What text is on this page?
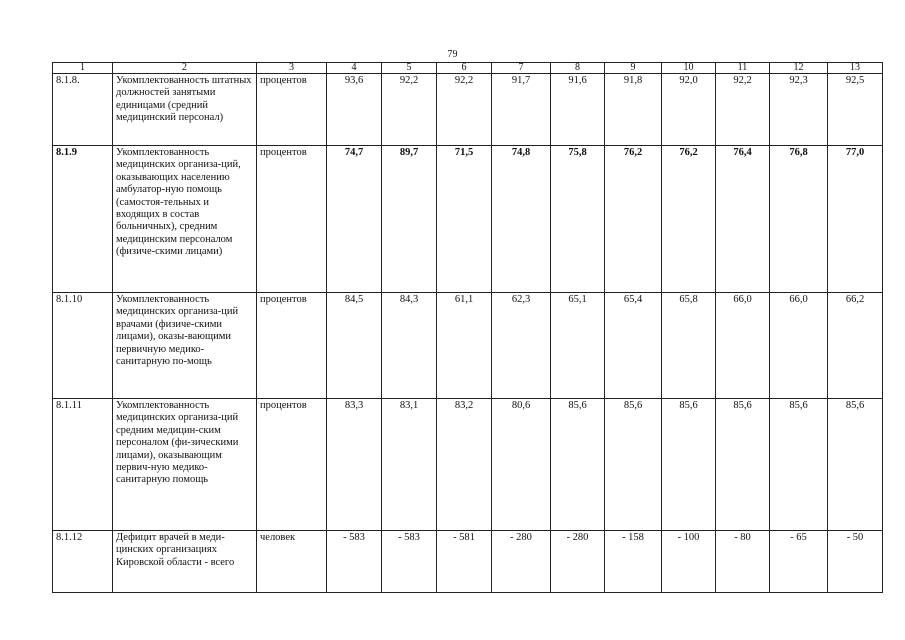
79
1	2	3	4	5	6	7	8	9	10	11	12	13
8.1.8.	Укомплектованность штатных должностей занятыми единицами (средний медицинский персонал)	процентов	93,6	92,2	92,2	91,7	91,6	91,8	92,0	92,2	92,3	92,5
8.1.9	Укомплектованность медицинских организа-ций, оказывающих населению амбулатор-ную помощь (самостоя-тельных и входящих в состав больничных), средним медицинским персоналом (физиче-скими лицами)	процентов	74,7	89,7	71,5	74,8	75,8	76,2	76,2	76,4	76,8	77,0
8.1.10	Укомплектованность медицинских организа-ций врачами (физиче-скими лицами), оказы-вающими первичную медико-санитарную по-мощь	процентов	84,5	84,3	61,1	62,3	65,1	65,4	65,8	66,0	66,0	66,2
8.1.11	Укомплектованность медицинских организа-ций средним медицин-ским персоналом (фи-зическими лицами), оказывающим первич-ную медико-санитарную помощь	процентов	83,3	83,1	83,2	80,6	85,6	85,6	85,6	85,6	85,6	85,6
8.1.12	Дефицит врачей в меди-цинских организациях Кировской области - всего	человек	- 583	- 583	- 581	- 280	- 280	- 158	- 100	- 80	- 65	- 50
